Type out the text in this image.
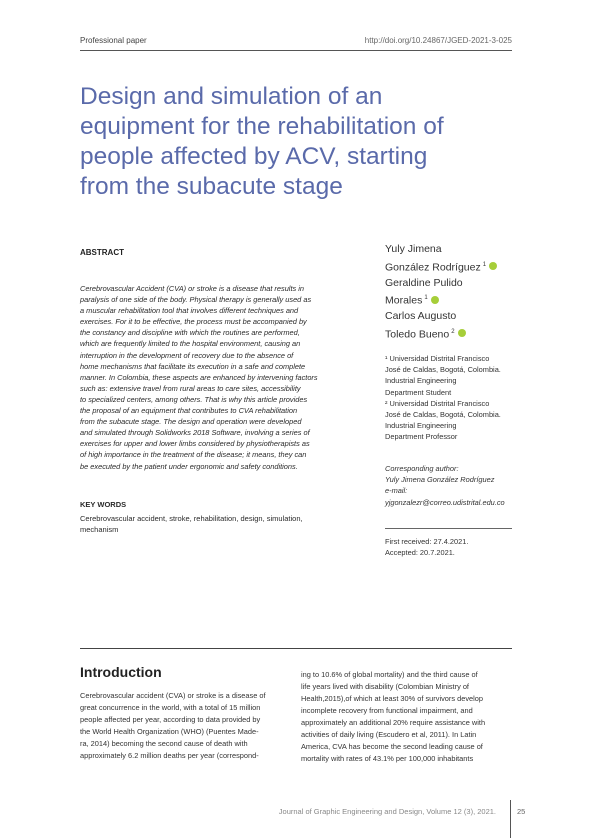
Professional paper	http://doi.org/10.24867/JGED-2021-3-025
Design and simulation of an
equipment for the rehabilitation of
people affected by ACV, starting
from the subacute stage
ABSTRACT
Cerebrovascular Accident (CVA) or stroke is a disease that results in
paralysis of one side of the body. Physical therapy is generally used as
a muscular rehabilitation tool that involves different techniques and
exercises. For it to be effective, the process must be accompanied by
the constancy and discipline with which the routines are performed,
which are frequently limited to the hospital environment, causing an
interruption in the development of recovery due to the absence of
home mechanisms that facilitate its execution in a safe and complete
manner. In Colombia, these aspects are enhanced by intervening factors
such as: extensive travel from rural areas to care sites, accessibility
to specialized centers, among others. That is why this article provides
the proposal of an equipment that contributes to CVA rehabilitation
from the subacute stage. The design and operation were developed
and simulated through Solidworks 2018 Software, involving a series of
exercises for upper and lower limbs considered by physiotherapists as
of high importance in the treatment of the disease; it means, they can
be executed by the patient under ergonomic and safety conditions.
KEY WORDS
Cerebrovascular accident, stroke, rehabilitation, design, simulation,
mechanism
Yuly Jimena
González Rodríguez $^1$
Geraldine Pulido
Morales $^1$
Carlos Augusto
Toledo Bueno $^2$
¹ Universidad Distrital Francisco
José de Caldas, Bogotá, Colombia.
Industrial Engineering
Department Student
² Universidad Distrital Francisco
José de Caldas, Bogotá, Colombia.
Industrial Engineering
Department Professor
Corresponding author:
Yuly Jimena González Rodríguez
e-mail:
yjgonzalezr@correo.udistrital.edu.co
First received: 27.4.2021.
Accepted: 20.7.2021.
Introduction
Cerebrovascular accident (CVA) or stroke is a disease of
great concurrence in the world, with a total of 15 million
people affected per year, according to data provided by
the World Health Organization (WHO) (Puentes Made-
ra, 2014) becoming the second cause of death with
approximately 6.2 million deaths per year (correspond-
ing to 10.6% of global mortality) and the third cause of
life years lived with disability (Colombian Ministry of
Health,2015),of which at least 30% of survivors develop
incomplete recovery from functional impairment, and
approximately an additional 20% require assistance with
activities of daily living (Escudero et al, 2011). In Latin
America, CVA has become the second leading cause of
mortality with rates of 43.1% per 100,000 inhabitants
Journal of Graphic Engineering and Design, Volume 12 (3), 2021.	25
